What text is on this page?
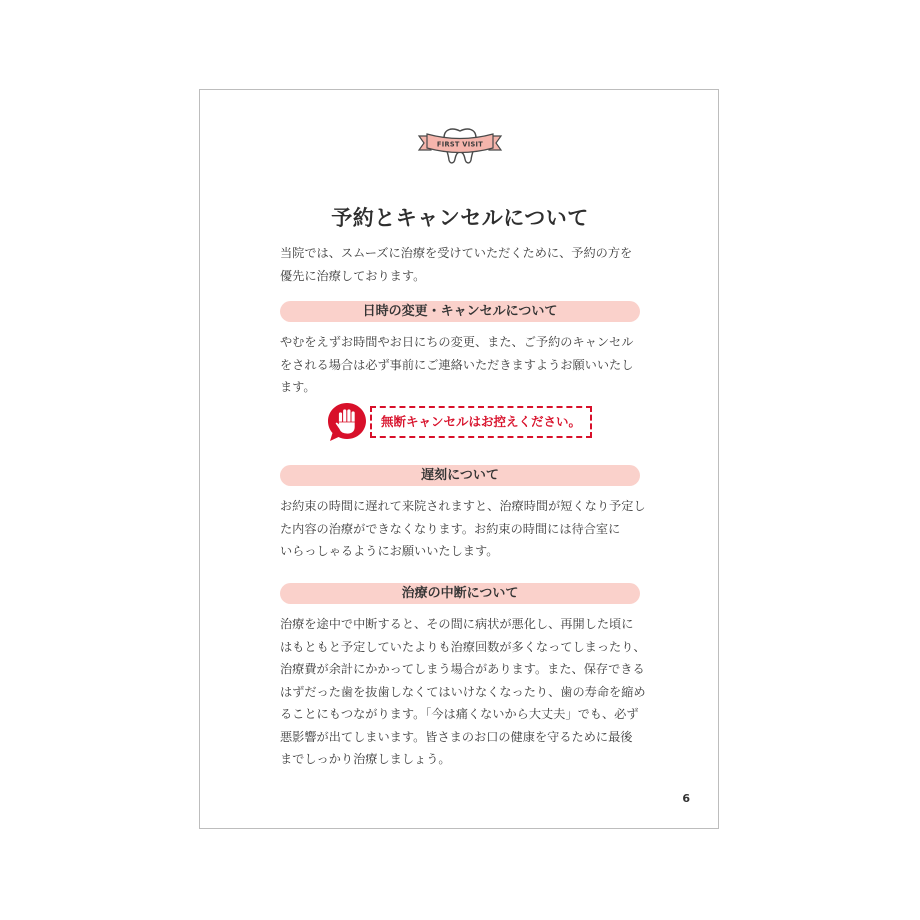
FIRST VISIT
予約とキャンセルについて

当院では、スムーズに治療を受けていただくために、予約の方を
優先に治療しております。

日時の変更・キャンセルについて

やむをえずお時間やお日にちの変更、また、ご予約のキャンセル
をされる場合は必ず事前にご連絡いただきますようお願いいたし
ます。

無断キャンセルはお控えください。
遅刻について

お約束の時間に遅れて来院されますと、治療時間が短くなり予定し
た内容の治療ができなくなります。お約束の時間には待合室に
いらっしゃるようにお願いいたします。

治療の中断について

治療を途中で中断すると、その間に病状が悪化し、再開した頃に
はもともと予定していたよりも治療回数が多くなってしまったり、
治療費が余計にかかってしまう場合があります。また、保存できる
はずだった歯を抜歯しなくてはいけなくなったり、歯の寿命を縮め
ることにもつながります。「今は痛くないから大丈夫」でも、必ず
悪影響が出てしまいます。皆さまのお口の健康を守るために最後
までしっかり治療しましょう。

6
